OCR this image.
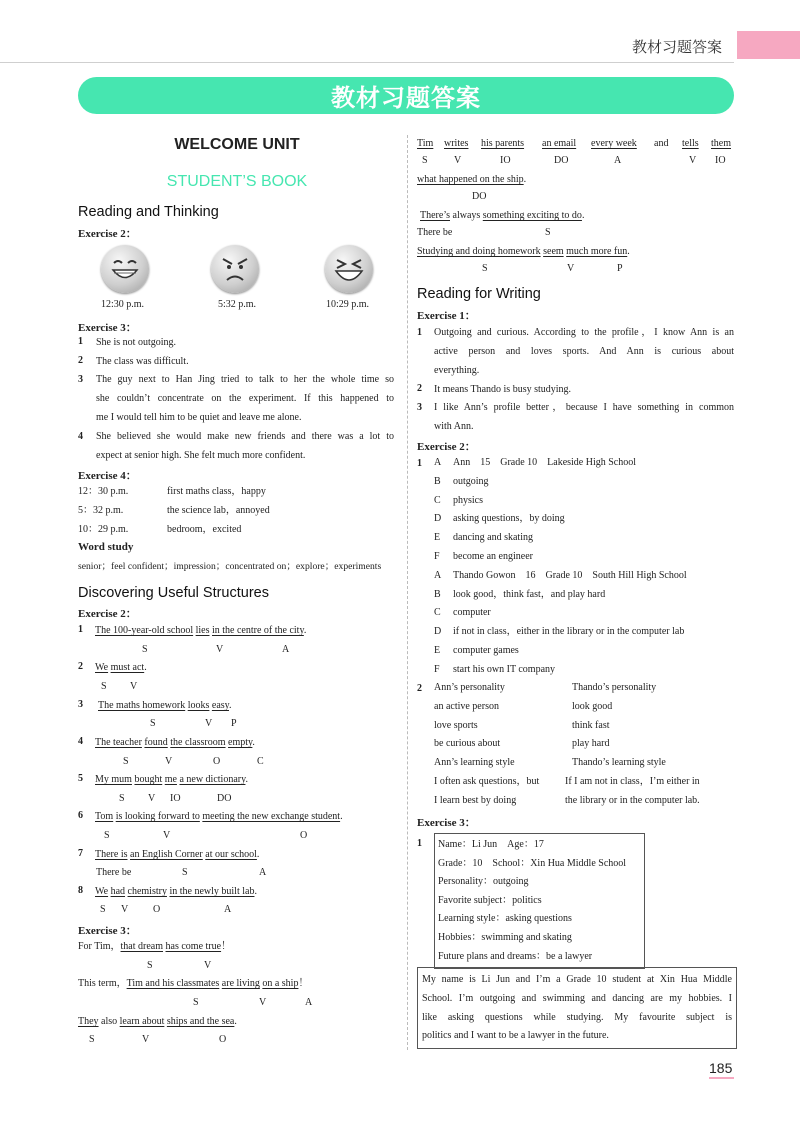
教材习题答案
教材习题答案
WELCOME UNIT
STUDENT’S BOOK
Reading and Thinking
Exercise 2：
12:30 p.m.	5:32 p.m.	10:29 p.m.
Exercise 3：
1 She is not outgoing.
2 The class was difficult.
3 The guy next to Han Jing tried to talk to her the whole time so
she couldn’t concentrate on the experiment. If this happened to
me I would tell him to be quiet and leave me alone.
4 She believed she would make new friends and there was a lot to
expect at senior high. She felt much more confident.
Exercise 4：
12：30 p.m.	first maths class，happy
5：32 p.m.	the science lab，annoyed
10：29 p.m.	bedroom，excited
Word study
senior；feel confident；impression；concentrated on；explore；experiments
Discovering Useful Structures
Exercise 2：
1 The 100-year-old school lies in the centre of the city.
S	V	A
2 We must act.
S V
3 The maths homework looks easy.
S	V P
4 The teacher found the classroom empty.
S	V	O	C
5 My mum bought me a new dictionary.
S V IO	DO
6 Tom is looking forward to meeting the new exchange student.
S	V	O
7 There is an English Corner at our school.
There be	S	A
8 We had chemistry in the newly built lab.
S V O	A
Exercise 3：
For Tim，that dream has come true！
S	V
This term，Tim and his classmates are living on a ship！
S	V	A
They also learn about ships and the sea.
S	V	O
Tim writes his parents an email every week and tells them
S	V	IO	DO	A	V IO
what happened on the ship.
DO
There’s always something exciting to do.
There be	S
Studying and doing homework seem much more fun.
S	V	P
Reading for Writing
Exercise 1：
1 Outgoing and curious. According to the profile，I know Ann is an
active person and loves sports. And Ann is curious about
everything.
2 It means Thando is busy studying.
3 I like Ann’s profile better，because I have something in common
with Ann.
Exercise 2：
1 A Ann　15　Grade 10　Lakeside High School
B outgoing
C physics
D asking questions，by doing
E dancing and skating
F become an engineer
A Thando Gowon　16　Grade 10　South Hill High School
B look good，think fast，and play hard
C computer
D if not in class，either in the library or in the computer lab
E computer games
F start his own IT company
2 Ann’s personality	Thando’s personality
an active person	look good
love sports	think fast
be curious about	play hard
Ann’s learning style	Thando’s learning style
I often ask questions，but	If I am not in class，I’m either in
I learn best by doing	the library or in the computer lab.
Exercise 3：
1 Name：Li Jun　Age：17
Grade：10　School：Xin Hua Middle School
Personality：outgoing
Favorite subject：politics
Learning style：asking questions
Hobbies：swimming and skating
Future plans and dreams：be a lawyer
My name is Li Jun and I’m a Grade 10 student at Xin Hua Middle
School. I’m outgoing and swimming and dancing are my hobbies. I
like asking questions while studying. My favourite subject is
politics and I want to be a lawyer in the future.
185
